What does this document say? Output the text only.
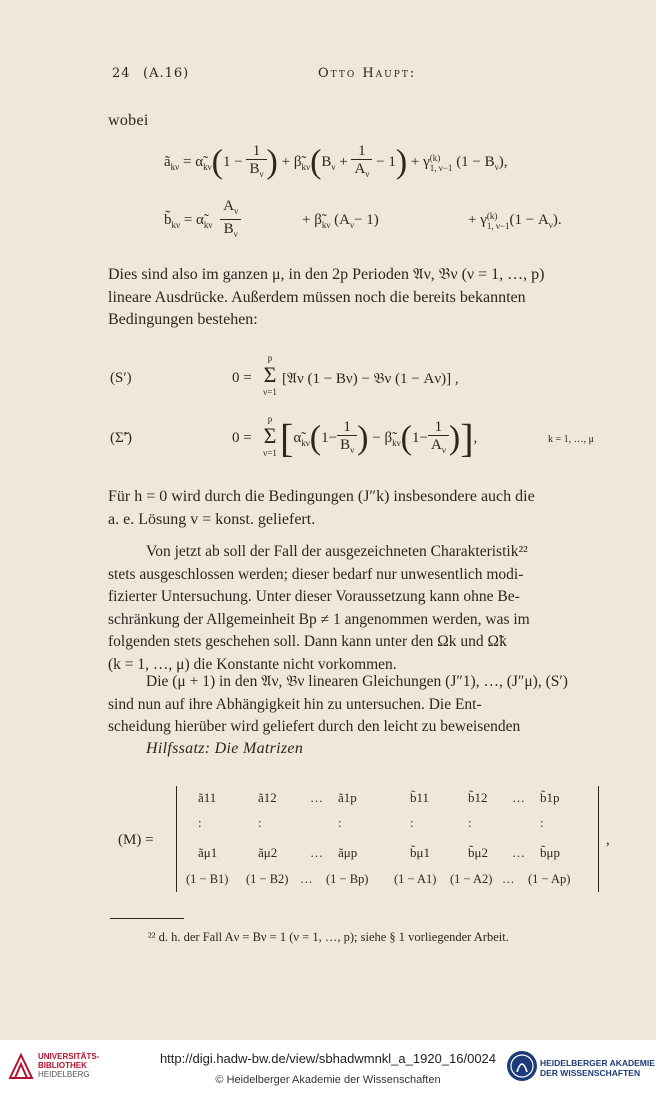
24 (A.16)	Otto Haupt:
wobei
$ã_{k\nu}$ = $\alphã_{k\nu}(1 - \frac{1}{B_\nu}$ ) + $\betã_{k\nu}(B_\nu + \frac{1}{A_\nu} - 1) + \gamma$ (k)
1, ν−1 $(1 - B_\nu)$,
$b̃_{k\nu}$ = $\alphã_{k\nu} \frac{A_\nu}{B_\nu}$	+ $\betã_{k\nu}$ $(A_\nu- 1)$	+ γ (k)
1, ν−1 $(1 - A_\nu)$.
Dies sind also im ganzen μ, in den 2p Perioden 𝔄ν, 𝔅ν (ν = 1, …, p)
lineare Ausdrücke. Außerdem müssen noch die bereits bekannten
Bedingungen bestehen:
(S′)	0 =
p
Σ
ν=1
[𝔄ν (1 − Bν) − 𝔅ν (1 − Aν)] ,
(Σ̃′)	0 =
p
Σ
ν=1 [$\alphã_{k\nu}(1- \frac{1}{B_\nu}$ ) − $\betã_{k\nu}(1- \frac{1}{A_\nu}$ )],	k = 1, …, μ
Für h = 0 wird durch die Bedingungen (J″k) insbesondere auch die
a. e. Lösung v = konst. geliefert.
Von jetzt ab soll der Fall der ausgezeichneten Charakteristik²²
stets ausgeschlossen werden; dieser bedarf nur unwesentlich modi-
fizierter Untersuchung. Unter dieser Voraussetzung kann ohne Be-
schränkung der Allgemeinheit Bp ≠ 1 angenommen werden, was im
folgenden stets geschehen soll. Dann kann unter den Ωk und Ω̃k
(k = 1, …, μ) die Konstante nicht vorkommen.
Die (μ + 1) in den 𝔄ν, 𝔅ν linearen Gleichungen (J″1), …, (J″μ), (S′)
sind nun auf ihre Abhängigkeit hin zu untersuchen. Die Ent-
scheidung hierüber wird geliefert durch den leicht zu beweisenden
Hilfssatz: Die Matrizen
(M) =	,
ã11	ã12	… ã1p	b̃11	b̃12 … b̃1p
:	:	:	:	:	:
ãμ1	ãμ2	… ãμp	b̃μ1	b̃μ2 … b̃μp
(1 − B1) (1 − B2) … (1 − Bp) (1 − A1) (1 − A2) … (1 − Ap)
²² d. h. der Fall Aν = Bν = 1 (ν = 1, …, p); siehe § 1 vorliegender Arbeit.
UNIVERSITÄTS-
BIBLIOTHEK
HEIDELBERG
http://digi.hadw-bw.de/view/sbhadwmnkl_a_1920_16/0024
© Heidelberger Akademie der Wissenschaften
HEIDELBERGER AKADEMIE
DER WISSENSCHAFTEN
